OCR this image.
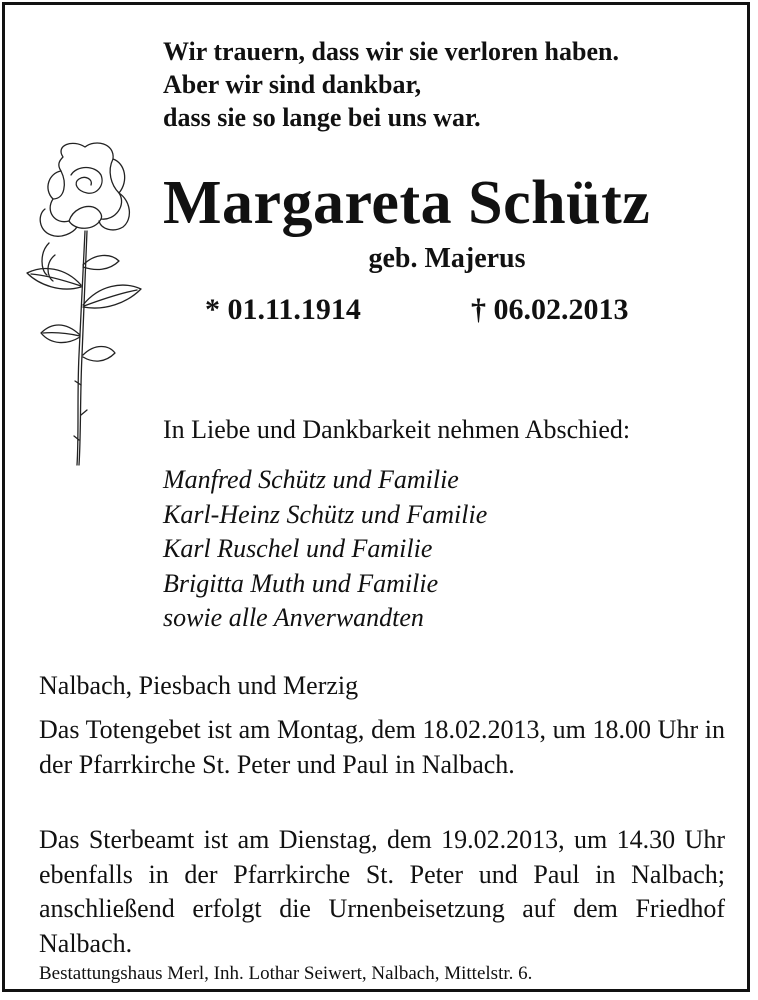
Wir trauern, dass wir sie verloren haben.
Aber wir sind dankbar,
dass sie so lange bei uns war.
Margareta Schütz
geb. Majerus
* 01.11.1914	† 06.02.2013
In Liebe und Dankbarkeit nehmen Abschied:
Manfred Schütz und Familie
Karl-Heinz Schütz und Familie
Karl Ruschel und Familie
Brigitta Muth und Familie
sowie alle Anverwandten
Nalbach, Piesbach und Merzig
Das Totengebet ist am Montag, dem 18.02.2013, um 18.00 Uhr in der Pfarrkirche St. Peter und Paul in Nalbach.
Das Sterbeamt ist am Dienstag, dem 19.02.2013, um 14.30 Uhr ebenfalls in der Pfarrkirche St. Peter und Paul in Nalbach; anschließend erfolgt die Urnenbeisetzung auf dem Friedhof Nalbach.
Bestattungshaus Merl, Inh. Lothar Seiwert, Nalbach, Mittelstr. 6.
